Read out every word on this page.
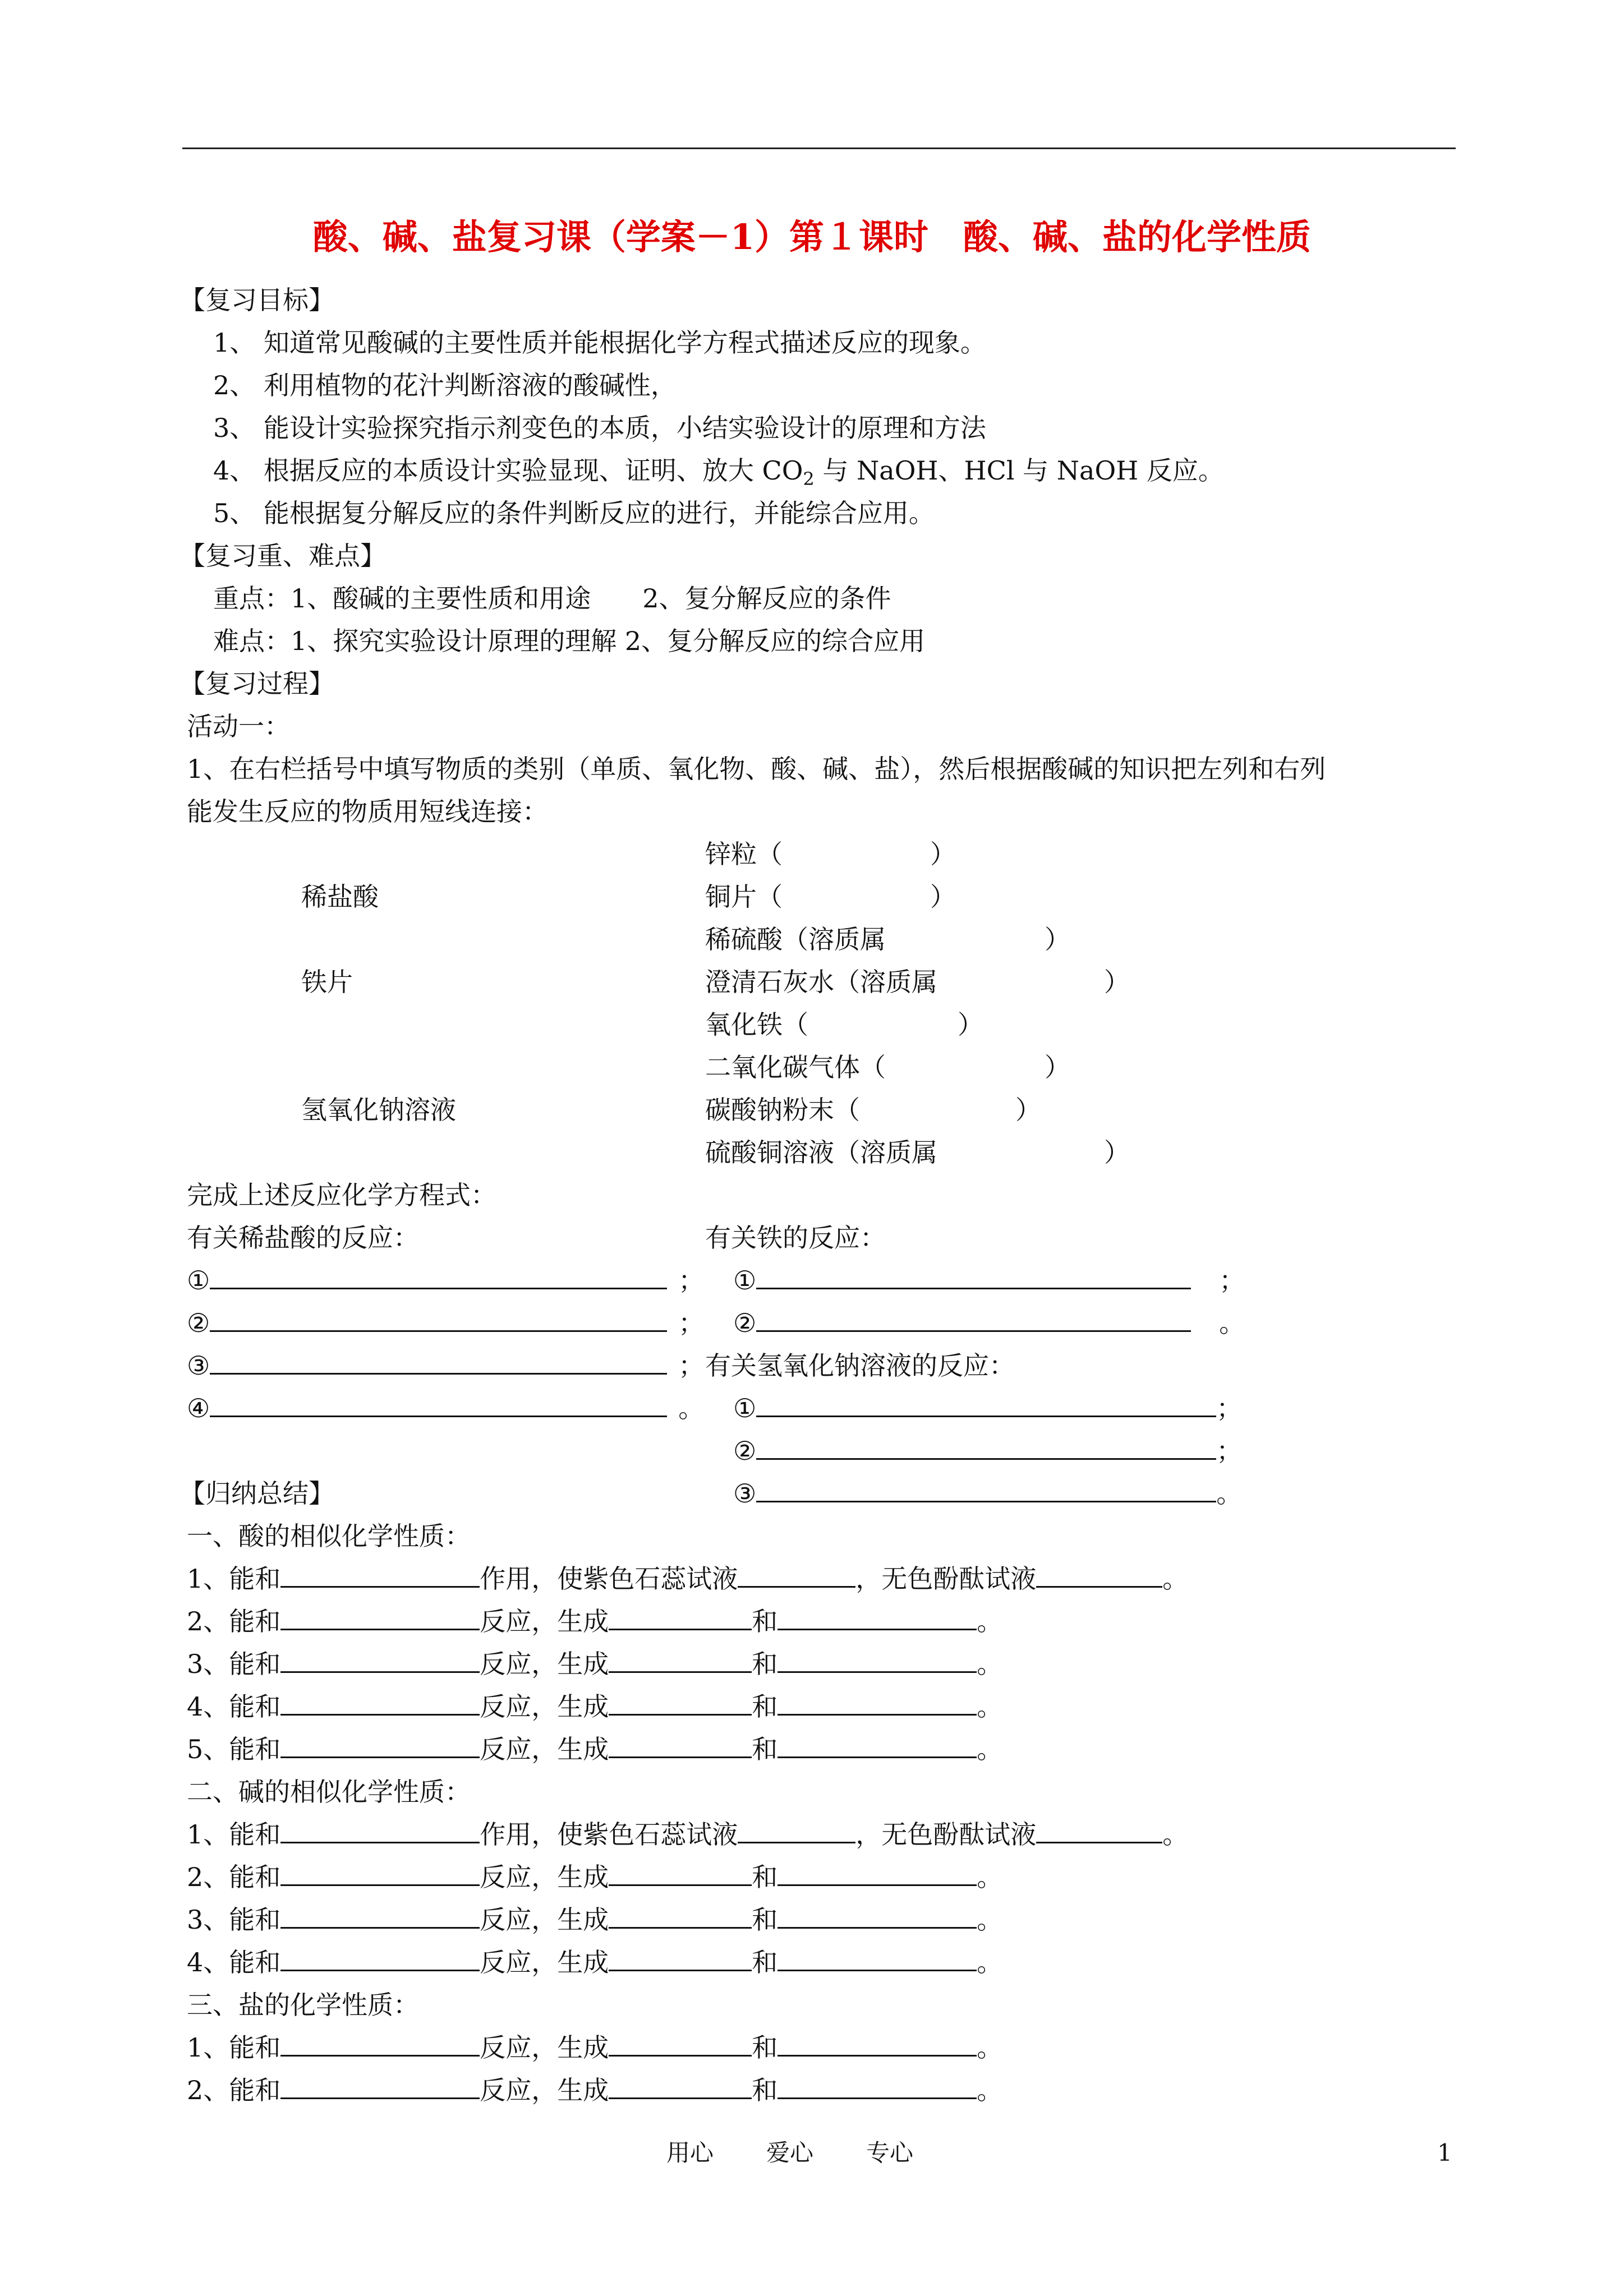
酸、碱、盐复习课（学案－1）第１课时　酸、碱、盐的化学性质
【复习目标】
1、 知道常见酸碱的主要性质并能根据化学方程式描述反应的现象。
2、 利用植物的花汁判断溶液的酸碱性，
3、 能设计实验探究指示剂变色的本质，小结实验设计的原理和方法
4、 根据反应的本质设计实验显现、证明、放大 $CO_2$ 与 NaOH、HCl 与 NaOH 反应。
5、 能根据复分解反应的条件判断反应的进行，并能综合应用。
【复习重、难点】
重点：1、酸碱的主要性质和用途　　2、复分解反应的条件
难点：1、探究实验设计原理的理解 2、复分解反应的综合应用
【复习过程】
活动一：
1、在右栏括号中填写物质的类别（单质、氧化物、酸、碱、盐），然后根据酸碱的知识把左列和右列
能发生反应的物质用短线连接：
稀盐酸
铁片
氢氧化钠溶液
锌粒（	）
铜片（	）
稀硫酸（溶质属	）
澄清石灰水（溶质属	）
氧化铁（	）
二氧化碳气体（	）
碳酸钠粉末（	）
硫酸铜溶液（溶质属	）
完成上述反应化学方程式：
有关稀盐酸的反应：	有关铁的反应：
①	；
②	；
③	；
④	。
①	；
②	。
有关氢氧化钠溶液的反应：
①	；
②	；
③	。
【归纳总结】
一、酸的相似化学性质：
1、能和	作用，使紫色石蕊试液	，无色酚酞试液	。
2、能和	反应，生成	和	。
3、能和	反应，生成	和	。
4、能和	反应，生成	和	。
5、能和	反应，生成	和	。
二、碱的相似化学性质：
1、能和	作用，使紫色石蕊试液	，无色酚酞试液	。
2、能和	反应，生成	和	。
3、能和	反应，生成	和	。
4、能和	反应，生成	和	。
三、盐的化学性质：
1、能和	反应，生成	和	。
2、能和	反应，生成	和	。
用心 爱心 专心	1
